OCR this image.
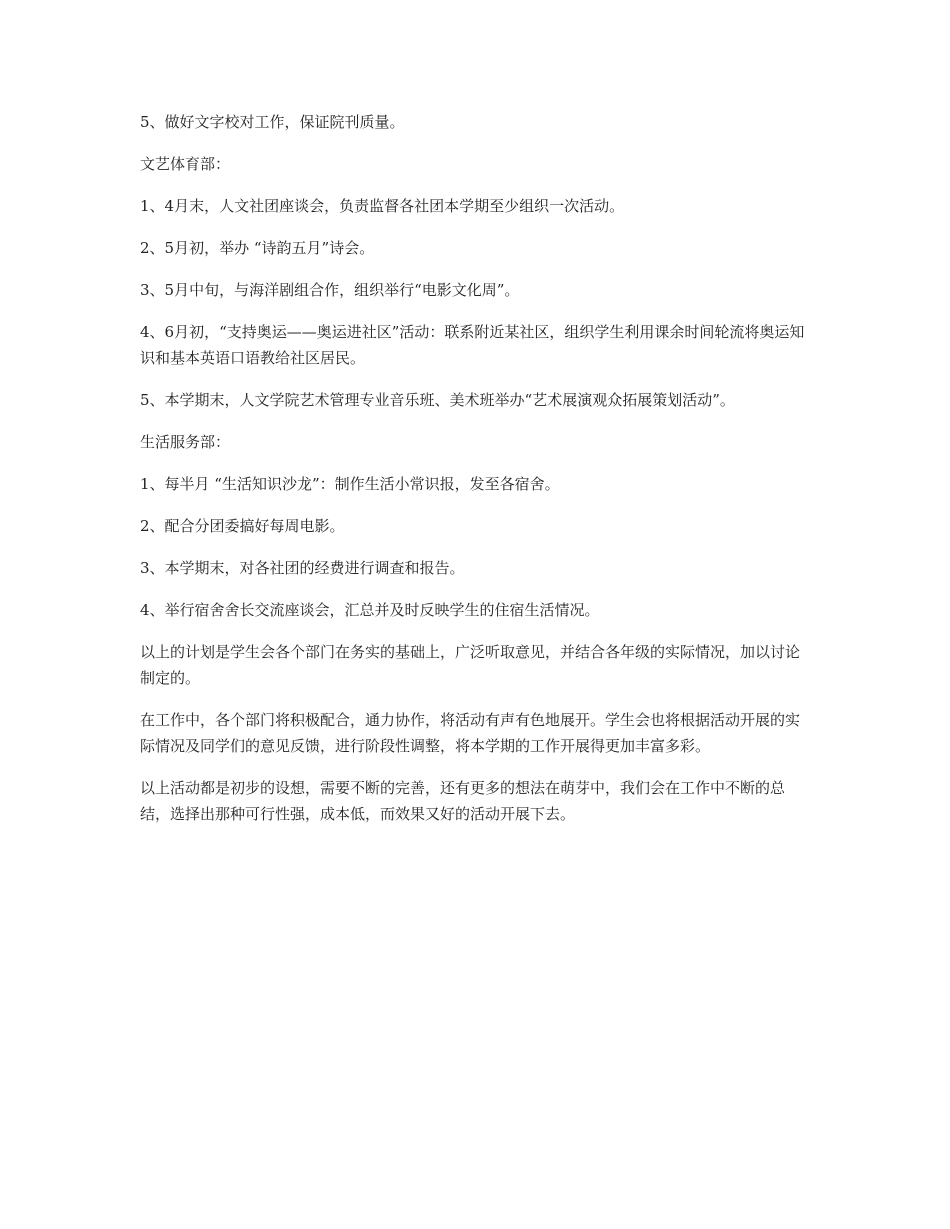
5、做好文字校对工作，保证院刊质量。

文艺体育部：

1、4月末，人文社团座谈会，负责监督各社团本学期至少组织一次活动。

2、5月初，举办 “诗韵五月”诗会。

3、5月中旬，与海洋剧组合作，组织举行“电影文化周”。

4、6月初，“支持奥运——奥运进社区”活动：联系附近某社区，组织学生利用课余时间轮流将奥运知识和基本英语口语教给社区居民。

5、本学期末，人文学院艺术管理专业音乐班、美术班举办“艺术展演观众拓展策划活动”。

生活服务部：

1、每半月 “生活知识沙龙”：制作生活小常识报，发至各宿舍。

2、配合分团委搞好每周电影。

3、本学期末，对各社团的经费进行调查和报告。

4、举行宿舍舍长交流座谈会，汇总并及时反映学生的住宿生活情况。

以上的计划是学生会各个部门在务实的基础上，广泛听取意见，并结合各年级的实际情况，加以讨论制定的。

在工作中，各个部门将积极配合，通力协作，将活动有声有色地展开。学生会也将根据活动开展的实际情况及同学们的意见反馈，进行阶段性调整，将本学期的工作开展得更加丰富多彩。

以上活动都是初步的设想，需要不断的完善，还有更多的想法在萌芽中，我们会在工作中不断的总结，选择出那种可行性强，成本低，而效果又好的活动开展下去。
